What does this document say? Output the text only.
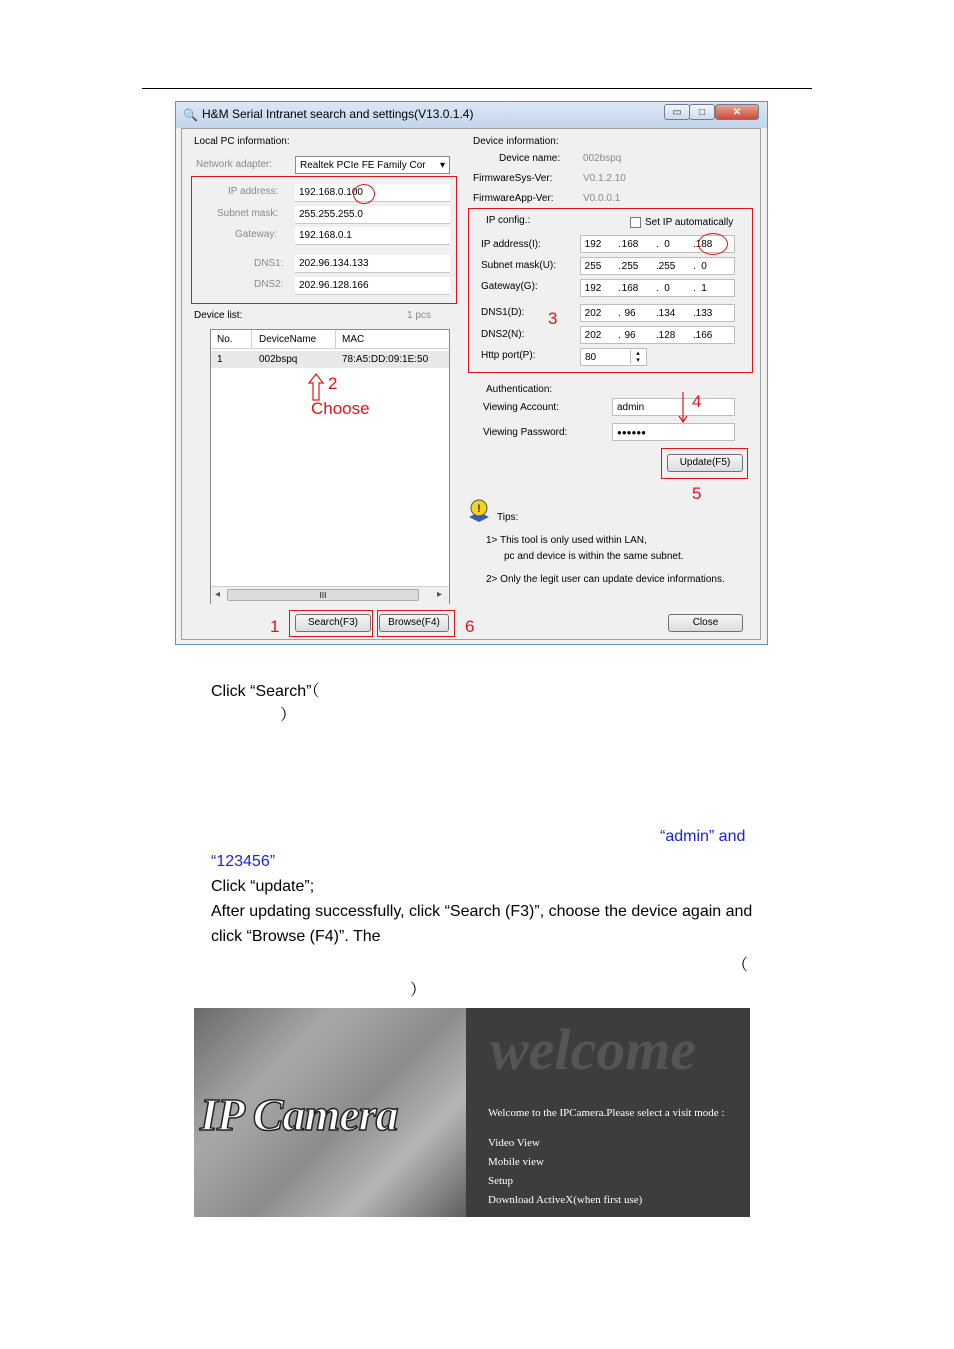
🔍 H&M Serial Intranet search and settings(V13.0.1.4)	▭	□	✕
Local PC information:
Network adapter:	Realtek PCIe FE Family Cor ▾
IP address:	192.168.0.100
Subnet mask:	255.255.255.0
Gateway:	192.168.0.1
DNS1:	202.96.134.133
DNS2:	202.96.128.166
Device list:	1 pcs
No.	DeviceName	MAC
1	002bspq	78:A5:DD:09:1E:50
◂	III	▸
2
Choose
1	Search(F3)	Browse(F4)	6
Device information:
Device name: 002bspq
FirmwareSys-Ver:	V0.1.2.10
FirmwareApp-Ver:	V0.0.0.1
IP config.:	Set IP automatically
IP address(I):	192	. 168	. 0	. 188
Subnet mask(U):	255	. 255	. 255	. 0
Gateway(G):	192	. 168	. 0	. 1
3
DNS1(D):	202	. 96	. 134	. 133
DNS2(N):	202	. 96	. 128	. 166
Http port(P):	80	▴
▾
Authentication:
Viewing Account:	admin	4
Viewing Password:	●●●●●●
Update(F5)
5
!
Tips:
1> This tool is only used within LAN,
pc and device is within the same subnet.
2> Only the legit user can update device informations.
Close
Click “Search”（
）
“admin” and
“123456”
Click “update”;
After updating successfully, click “Search (F3)”, choose the device again and
click “Browse (F4)”. The
（
）
IP Camera
welcome
Welcome to the IPCamera.Please select a visit mode :
Video View
Mobile view
Setup
Download ActiveX(when first use)
